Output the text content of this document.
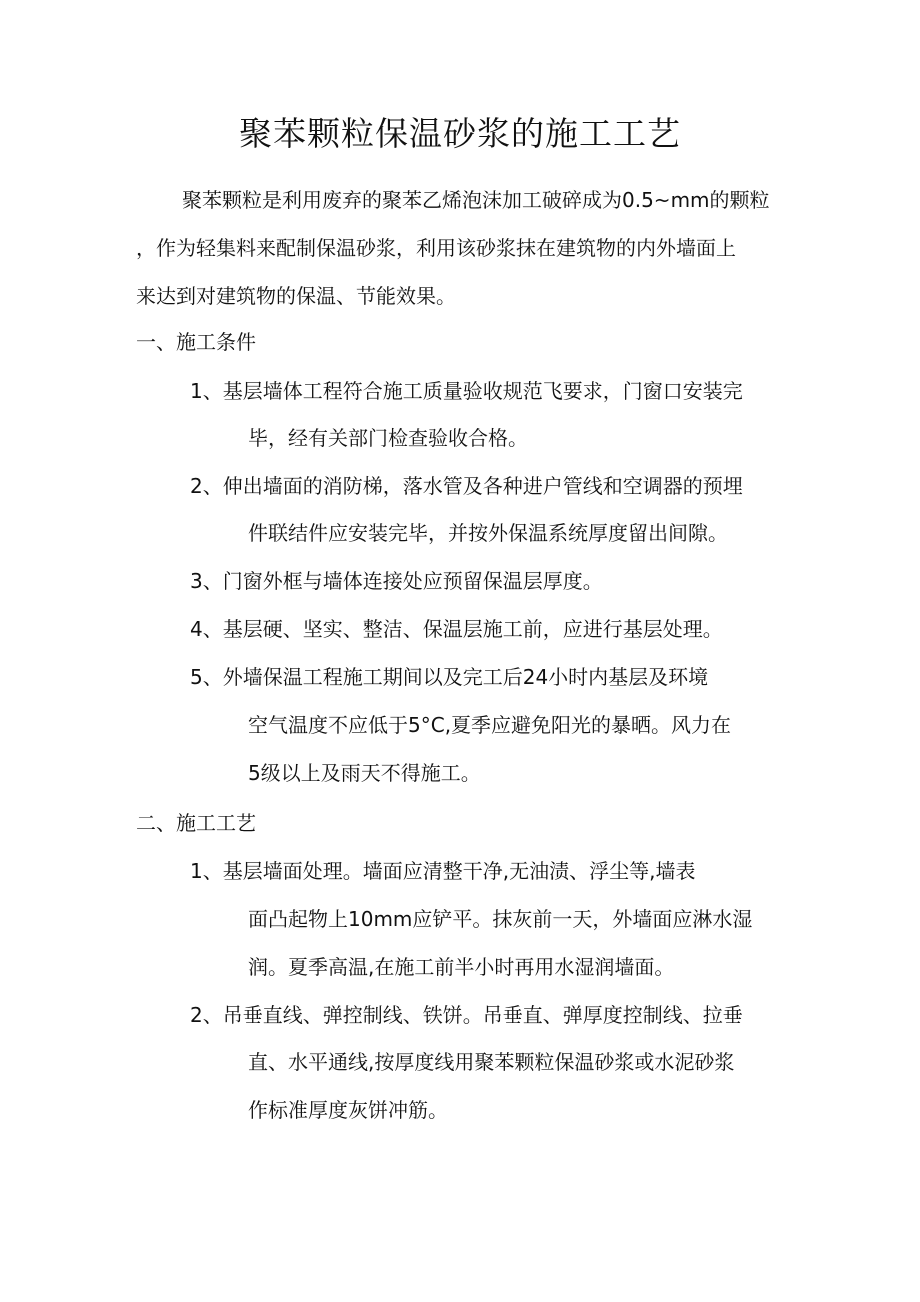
聚苯颗粒保温砂浆的施工工艺

聚苯颗粒是利用废弃的聚苯乙烯泡沫加工破碎成为0.5~mm的颗粒

，作为轻集料来配制保温砂浆，利用该砂浆抹在建筑物的内外墙面上

来达到对建筑物的保温、节能效果。

一、施工条件

1、基层墙体工程符合施工质量验收规范飞要求，门窗口安装完

毕，经有关部门检查验收合格。

2、伸出墙面的消防梯，落水管及各种进户管线和空调器的预埋

件联结件应安装完毕，并按外保温系统厚度留出间隙。

3、门窗外框与墙体连接处应预留保温层厚度。

4、基层硬、坚实、整洁、保温层施工前，应进行基层处理。

5、外墙保温工程施工期间以及完工后24小时内基层及环境

空气温度不应低于5°C,夏季应避免阳光的暴晒。风力在

5级以上及雨天不得施工。

二、施工工艺

1、基层墙面处理。墙面应清整干净,无油渍、浮尘等,墙表

面凸起物上10mm应铲平。抹灰前一天，外墙面应淋水湿

润。夏季高温,在施工前半小时再用水湿润墙面。

2、吊垂直线、弹控制线、铁饼。吊垂直、弹厚度控制线、拉垂

直、水平通线,按厚度线用聚苯颗粒保温砂浆或水泥砂浆

作标准厚度灰饼冲筋。
